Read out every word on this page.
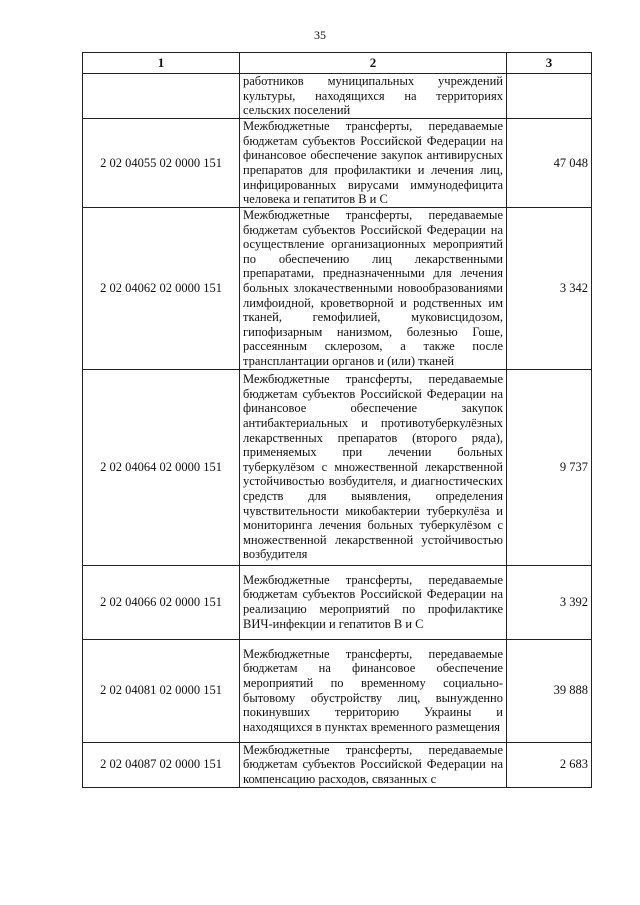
35
1	2	3
	работников муниципальных учреждений культуры, находящихся на территориях сельских поселений	
2 02 04055 02 0000 151	Межбюджетные трансферты, передаваемые бюджетам субъектов Российской Федерации на финансовое обеспечение закупок антивирусных препаратов для профилактики и лечения лиц, инфицированных вирусами иммунодефицита человека и гепатитов В и С	47 048
2 02 04062 02 0000 151	Межбюджетные трансферты, передаваемые бюджетам субъектов Российской Федерации на осуществление организационных мероприятий по обеспечению лиц лекарственными препаратами, предназначенными для лечения больных злокачественными новообразованиями лимфоидной, кроветворной и родственных им тканей, гемофилией, муковисцидозом, гипофизарным нанизмом, болезнью Гоше, рассеянным склерозом, а также после трансплантации органов и (или) тканей	3 342
2 02 04064 02 0000 151	Межбюджетные трансферты, передаваемые бюджетам субъектов Российской Федерации на финансовое обеспечение закупок антибактериальных и противотуберкулёзных лекарственных препаратов (второго ряда), применяемых при лечении больных туберкулёзом с множественной лекарственной устойчивостью возбудителя, и диагностических средств для выявления, определения чувствительности микобактерии туберкулёза и мониторинга лечения больных туберкулёзом с множественной лекарственной устойчивостью возбудителя	9 737
2 02 04066 02 0000 151	Межбюджетные трансферты, передаваемые бюджетам субъектов Российской Федерации на реализацию мероприятий по профилактике ВИЧ-инфекции и гепатитов В и С	3 392
2 02 04081 02 0000 151	Межбюджетные трансферты, передаваемые бюджетам на финансовое обеспечение мероприятий по временному социально-бытовому обустройству лиц, вынужденно покинувших территорию Украины и находящихся в пунктах временного размещения	39 888
2 02 04087 02 0000 151	Межбюджетные трансферты, передаваемые бюджетам субъектов Российской Федерации на компенсацию расходов, связанных с	2 683
